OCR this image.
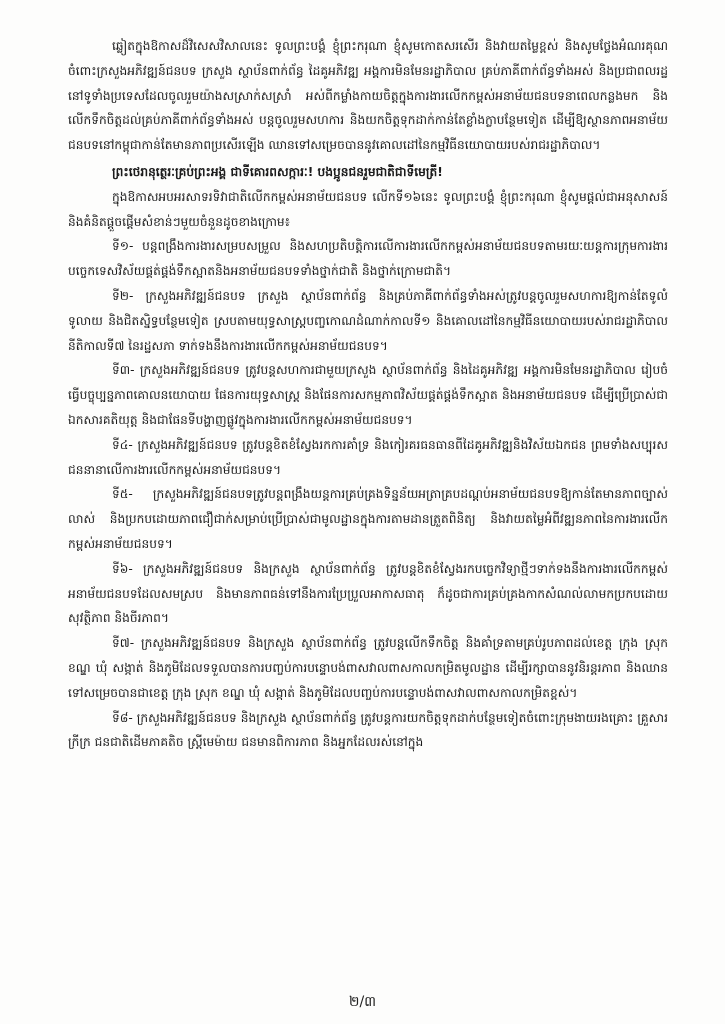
ឆ្លៀតក្នុងឱកាសដ៏វិសេសវិសាលនេះ ទូលព្រះបង្គំ ខ្ញុំព្រះករុណា ខ្ញុំសូមកោតសរសើរ និងវាយតម្លៃខ្ពស់ និងសូមថ្លែងអំណរគុណចំពោះក្រសួងអភិវឌ្ឍន៍ជនបទ ក្រសួង ស្ថាប័នពាក់ព័ន្ធ ដៃគូអភិវឌ្ឍ អង្គការមិនមែនរដ្ឋាភិបាល គ្រប់ភាគីពាក់ព័ន្ធទាំងអស់ និងប្រជាពលរដ្ឋនៅទូទាំងប្រទេសដែលចូលរួមយ៉ាងសស្រាក់សស្រាំ អស់ពីកម្លាំងកាយចិត្តក្នុងការងារលើកកម្ពស់អនាម័យជនបទនាពេលកន្លងមក និងលើកទឹកចិត្តដល់គ្រប់ភាគីពាក់ព័ន្ធទាំងអស់ បន្តចូលរួមសហការ និងយកចិត្តទុកដាក់កាន់តែខ្លាំងក្លាបន្ថែមទៀត ដើម្បីឱ្យស្ថានភាពអនាម័យជនបទនៅកម្ពុជាកាន់តែមានភាពប្រសើរឡើង ឈានទៅសម្រេចបាននូវគោលដៅនៃកម្មវិធីនយោបាយរបស់រាជរដ្ឋាភិបាល។

ព្រះថេរានុត្ថេរៈគ្រប់ព្រះអង្គ ជាទីគោរពសក្ការៈ! បងប្អូនជនរួមជាតិជាទីមេត្រី!

ក្នុងឱកាសអបអរសាទរទិវាជាតិលើកកម្ពស់អនាម័យជនបទ លើកទី១៦នេះ ទូលព្រះបង្គំ ខ្ញុំព្រះករុណា ខ្ញុំសូមផ្តល់ជាអនុសាសន៍ និងគំនិតផ្តួចផ្តើមសំខាន់ៗមួយចំនួនដូចខាងក្រោម៖

ទី១- បន្តពង្រឹងការងារសម្របសម្រួល និងសហប្រតិបត្តិការលើការងារលើកកម្ពស់អនាម័យជនបទតាមរយៈយន្តការក្រុមការងារបច្ចេកទេសវិស័យផ្គត់ផ្គង់ទឹកស្អាតនិងអនាម័យជនបទទាំងថ្នាក់ជាតិ និងថ្នាក់ក្រោមជាតិ។

ទី២- ក្រសួងអភិវឌ្ឍន៍ជនបទ ក្រសួង ស្ថាប័នពាក់ព័ន្ធ និងគ្រប់ភាគីពាក់ព័ន្ធទាំងអស់ត្រូវបន្តចូលរួមសហការឱ្យកាន់តែទូលំទូលាយ និងជិតស្និទ្ធបន្ថែមទៀត ស្របតាមយុទ្ធសាស្ត្របញ្ចកោណដំណាក់កាលទី១ និងគោលដៅនៃកម្មវិធីនយោបាយរបស់រាជរដ្ឋាភិបាលនីតិកាលទី៧ នៃរដ្ឋសភា ទាក់ទងនឹងការងារលើកកម្ពស់អនាម័យជនបទ។

ទី៣- ក្រសួងអភិវឌ្ឍន៍ជនបទ ត្រូវបន្តសហការជាមួយក្រសួង ស្ថាប័នពាក់ព័ន្ធ និងដៃគូអភិវឌ្ឍ អង្គការមិនមែនរដ្ឋាភិបាល រៀបចំធ្វើបច្ចុប្បន្នភាពគោលនយោបាយ ផែនការយុទ្ធសាស្ត្រ និងផែនការសកម្មភាពវិស័យផ្គត់ផ្គង់ទឹកស្អាត និងអនាម័យជនបទ ដើម្បីប្រើប្រាស់ជាឯកសារគតិយុត្ត និងជាផែនទីបង្ហាញផ្លូវក្នុងការងារលើកកម្ពស់អនាម័យជនបទ។

ទី៤- ក្រសួងអភិវឌ្ឍន៍ជនបទ ត្រូវបន្តខិតខំស្វែងរកការគាំទ្រ និងកៀរគរធនធានពីដៃគូអភិវឌ្ឍនិងវិស័យឯកជន ព្រមទាំងសប្បុរសជននានាលើការងារលើកកម្ពស់អនាម័យជនបទ។

ទី៥- ក្រសួងអភិវឌ្ឍន៍ជនបទត្រូវបន្តពង្រឹងយន្តការគ្រប់គ្រងទិន្នន័យអត្រាគ្របដណ្តប់អនាម័យជនបទឱ្យកាន់តែមានភាពច្បាស់លាស់ និងប្រកបដោយភាពជឿជាក់សម្រាប់ប្រើប្រាស់ជាមូលដ្ឋានក្នុងការតាមដានត្រួតពិនិត្យ និងវាយតម្លៃអំពីវឌ្ឍនភាពនៃការងារលើកកម្ពស់អនាម័យជនបទ។

ទី៦- ក្រសួងអភិវឌ្ឍន៍ជនបទ និងក្រសួង ស្ថាប័នពាក់ព័ន្ធ ត្រូវបន្តខិតខំស្វែងរកបច្ចេកវិទ្យាថ្មីៗទាក់ទងនឹងការងារលើកកម្ពស់អនាម័យជនបទដែលសមស្រប និងមានភាពធន់ទៅនឹងការប្រែប្រួលអាកាសធាតុ ក៏ដូចជាការគ្រប់គ្រងកាកសំណល់លាមកប្រកបដោយសុវត្ថិភាព និងចីរភាព។

ទី៧- ក្រសួងអភិវឌ្ឍន៍ជនបទ និងក្រសួង ស្ថាប័នពាក់ព័ន្ធ ត្រូវបន្តលើកទឹកចិត្ត និងគាំទ្រតាមគ្រប់រូបភាពដល់ខេត្ត ក្រុង ស្រុក ខណ្ឌ ឃុំ សង្កាត់ និងភូមិដែលទទួលបានការបញ្ចប់ការបន្ទោបង់ពាសវាលពាសកាលកម្រិតមូលដ្ឋាន ដើម្បីរក្សាបាននូវនិរន្តរភាព និងឈានទៅសម្រេចបានជាខេត្ត ក្រុង ស្រុក ខណ្ឌ ឃុំ សង្កាត់ និងភូមិដែលបញ្ចប់ការបន្ទោបង់ពាសវាលពាសកាលកម្រិតខ្ពស់។

ទី៨- ក្រសួងអភិវឌ្ឍន៍ជនបទ និងក្រសួង ស្ថាប័នពាក់ព័ន្ធ ត្រូវបន្តការយកចិត្តទុកដាក់បន្ថែមទៀតចំពោះក្រុមងាយរងគ្រោះ គ្រួសារក្រីក្រ ជនជាតិដើមភាគតិច ស្ត្រីមេម៉ាយ ជនមានពិការភាព និងអ្នកដែលរស់នៅក្នុង

២/៣
